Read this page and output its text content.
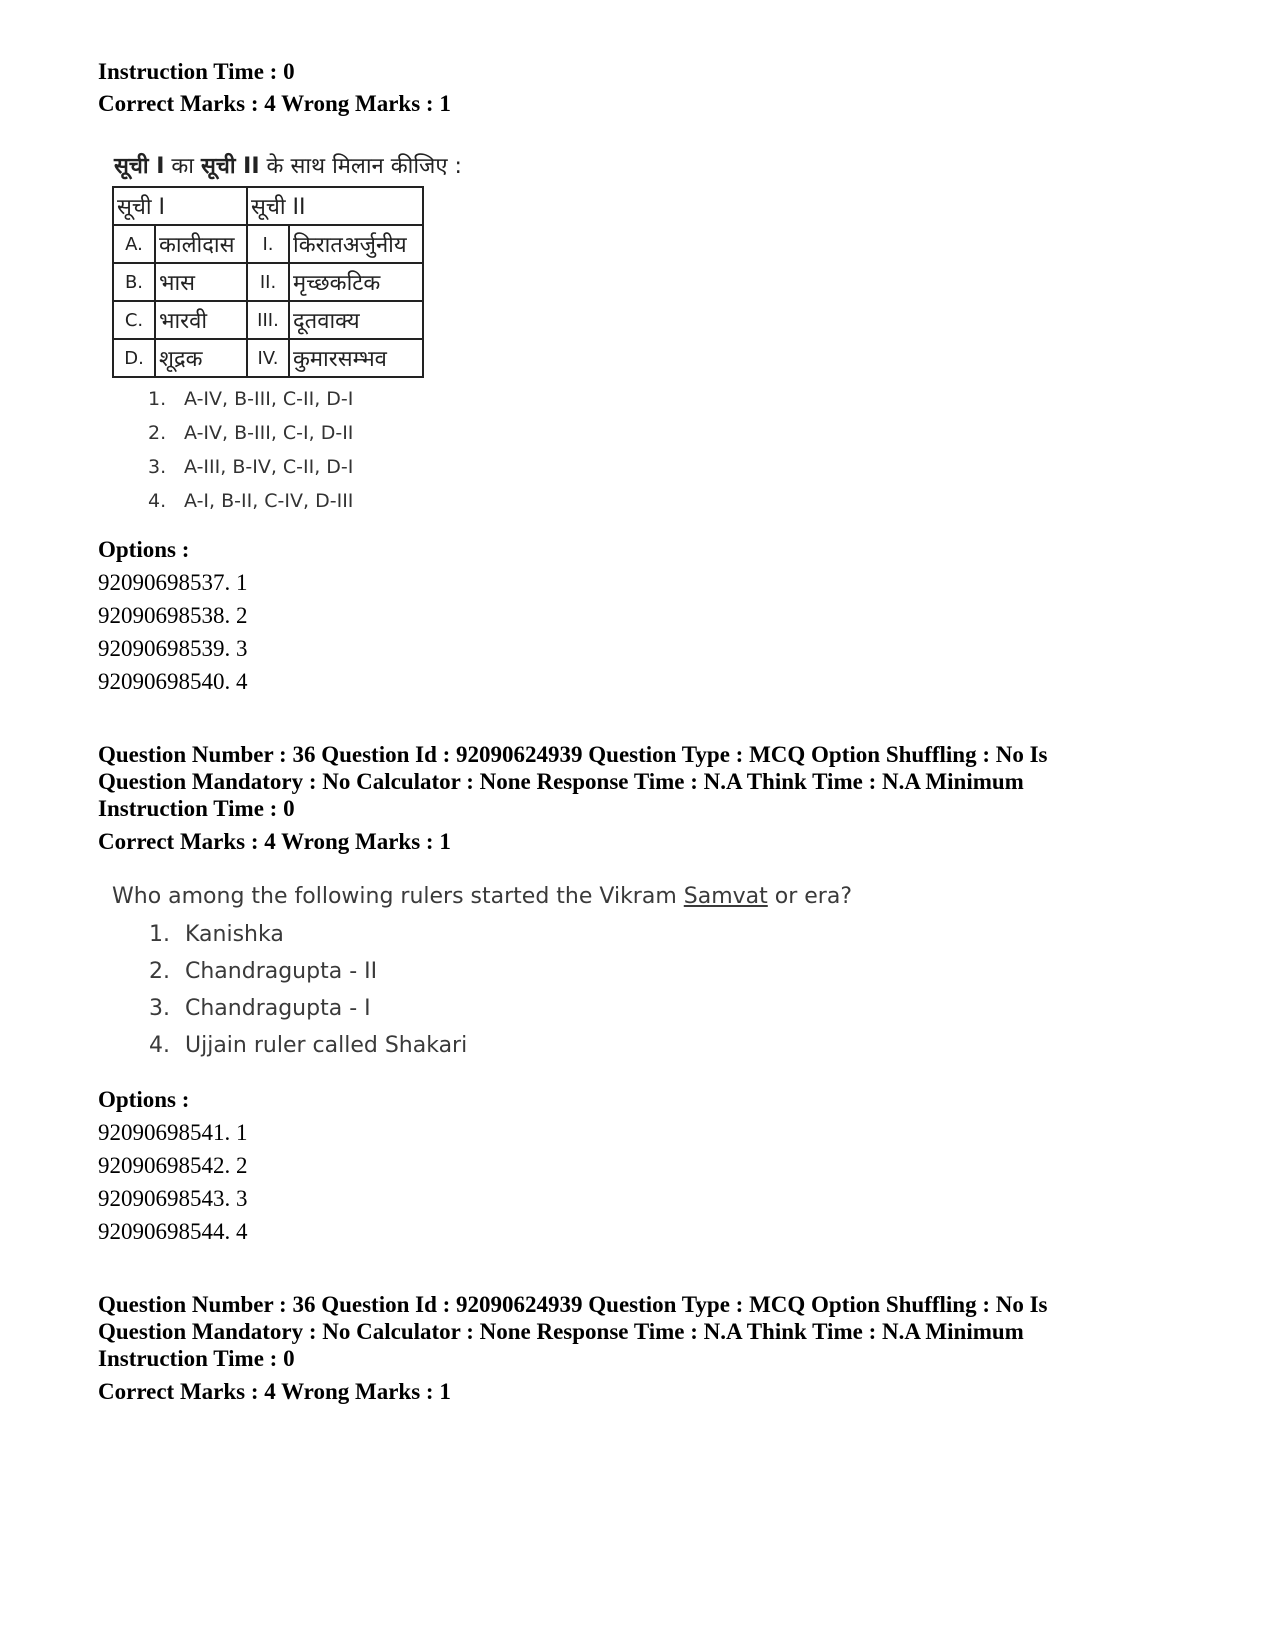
Instruction Time : 0
Correct Marks : 4 Wrong Marks : 1
सूची I का सूची II के साथ मिलान कीजिए :
सूची I		सूची II	
A.	कालीदास	I.	किरातअर्जुनीय
B.	भास	II.	मृच्छकटिक
C.	भारवी	III.	दूतवाक्य
D.	शूद्रक	IV.	कुमारसम्भव
1. A-IV, B-III, C-II, D-I
2. A-IV, B-III, C-I, D-II
3. A-III, B-IV, C-II, D-I
4. A-I, B-II, C-IV, D-III
Options :
92090698537. 1
92090698538. 2
92090698539. 3
92090698540. 4
Question Number : 36 Question Id : 92090624939 Question Type : MCQ Option Shuffling : No Is
Question Mandatory : No Calculator : None Response Time : N.A Think Time : N.A Minimum
Instruction Time : 0
Correct Marks : 4 Wrong Marks : 1
Who among the following rulers started the Vikram Samvat or era?
1. Kanishka
2. Chandragupta - II
3. Chandragupta - I
4. Ujjain ruler called Shakari
Options :
92090698541. 1
92090698542. 2
92090698543. 3
92090698544. 4
Question Number : 36 Question Id : 92090624939 Question Type : MCQ Option Shuffling : No Is
Question Mandatory : No Calculator : None Response Time : N.A Think Time : N.A Minimum
Instruction Time : 0
Correct Marks : 4 Wrong Marks : 1
